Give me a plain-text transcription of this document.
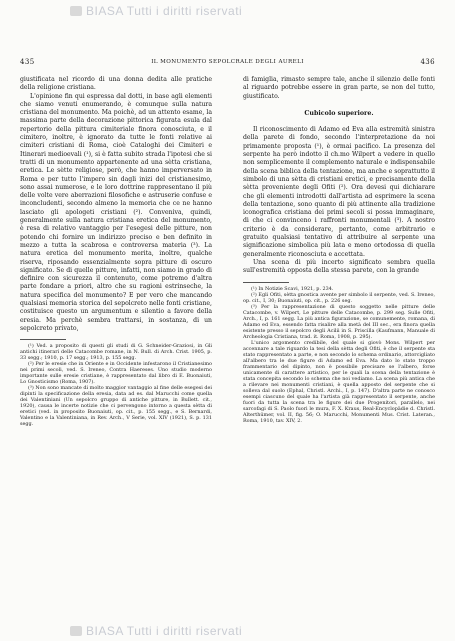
BIASA Tutti i diritti riservati
435	IL MONUMENTO SEPOLCRALE DEGLI AURELI	436

giustificata nel ricordo di una donna dedita alle pratiche della religione cristiana.

L'opinione fin qui espressa dal dotti, in base agli elementi che siamo venuti enumerando, è comunque sulla natura cristiana del monumento. Ma poichè, ad un attento esame, la massima parte della decorazione pittorica figurata esula dal repertorio della pittura cimiteriale finora conosciuta, e il cimitero, inoltre, è ignorato da tutte le fonti relative ai cimiteri cristiani di Roma, cioè Cataloghi dei Cimiteri e Itinerari medioevali (¹), si è fatta subito strada l'ipotesi che si tratti di un monumento appartenente ad una sètta cristiana, eretica. Le sètte religiose, però, che hanno imperversato in Roma e per tutto l'impero sin dagli inizi del cristianesimo, sono assai numerose, e le loro dottrine rappresentano il più delle volte vere aberrazioni filosofiche e astruserie confuse e inconcludenti, secondo almeno la memoria che ce ne hanno lasciato gli apologeti cristiani (²). Conveniva, quindi, generalmente sulla natura cristiana eretica del monumento, è resa di relativo vantaggio per l'esegesi delle pitture, non potendo chi fornire un indirizzo preciso e ben definito in mezzo a tutta la scabrosa e controversa materia (³). La natura eretica del monumento merita, inoltre, qualche riserva, riposando essenzialmente sopra pitture di oscuro significato. Se di quelle pitture, infatti, non siamo in grado di definire con sicurezza il contenuto, come potremo d'altra parte fondare a priori, altro che su ragioni estrinseche, la natura specifica del monumento? E per vero che mancando qualsiasi memoria storica del sepolcreto nelle fonti cristiane, costituisce questo un argumentum e silentio a favore della eresia. Ma perchè sembra trattarsi, in sostanza, di un sepolcreto privato,

(¹) Ved. a proposito di questi gli studi di G. Schneider-Graziosi, in Gli antichi itinerari delle Catacombe romane, in N. Bull. di Arch. Crist. 1905, p. 33 segg.; 1910, p. 17 segg.; 1913, p. 155 segg.

(²) Per le eresie che in Oriente e in Occidente infestarono il Cristianesimo nei primi secoli, ved. S. Ireneo, Contra Haereses. Uno studio moderno importante sulle eresie cristiane, è rappresentato dal libro di E. Buonaiuti, Lo Gnosticismo (Roma, 1907).

(³) Non sono mancate di molto maggior vantaggio al fine delle esegesi dei dipinti la specificazione della eresia, data ad es. dal Marucchi come quella dei Valentiniani (Un sepolcro gruppo di antiche pitture, in Bullett. cit., 1920), causa le incerte notizie che ci pervengono intorno a questa sètta di eretici (ved. in proposito Buonaiuti, op. cit., p. 155 segg., e S. Bernardi, Valentino e la Valentiniana, in Rev. Arch., V Serie, vol. XIV (1921), S. p. 131 segg.

di famiglia, rimasto sempre tale, anche il silenzio delle fonti al riguardo potrebbe essere in gran parte, se non del tutto, giustificato.

Cubicolo superiore.

Il riconoscimento di Adamo ed Eva alla estremità sinistra della parete di fondo, secondo l'interpretazione da noi primamente proposta (¹), è ormai pacifico. La presenza del serpente ha però indotto il ch.mo Wilpert a vedere in quello non semplicemente il complemento naturale e indispensabile della scena biblica della tentazione, ma anche e soprattutto il simbolo di una sètta di cristiani eretici, e precisamente della sètta proveniente degli Ofiti (²). Ora devesi qui dichiarare che gli elementi introdotti dall'artista ad esprimere la scena della tentazione, sono quanto di più attinente alla tradizione iconografica cristiana dei primi secoli si possa immaginare, di che ci convinceno i raffronti monumentali (³). A nostro criterio è da considerare, pertanto, come arbitrario e gratuito qualsiasi tentativo di attribuire al serpente una significazione simbolica più lata e meno ortodossa di quella generalmente riconosciuta e accettata.

Una scena di più incerto significato sembra quella sull'estremità opposta della stessa parete, con la grande

(¹) In Notizie Scavi, 1921, p. 234.

(²) Egli Ofiti, sètta gnostica avente per simbolo il serpente, ved. S. Ireneo, op. cit., I, 30; Buonaiuti, op. cit., p. 226 seg.

(³) Per la rappresentazione di questo soggetto nelle pitture delle Catacombe, v. Wilpert, Le pitture delle Catacombe, p. 299 seg. Sulle Ofiti, Arch., I, p. 161 segg. La più antica figurazione, se comunemente, romana, di Adamo ed Eva, essendo fatta risalire alla metà del III sec., era finora quella esistente presso il sepolcro degli Acilii in S. Priscilla (Kaufmann, Manuale di Archeologia Cristiana, trad. it. Roma, 1908, p. 295).

L'unico argomento credibile, del quale si giovò Mons. Wilpert per accennare a tale riguardo la tesi della sètta degli Ofiti, è che il serpente sta stato rappresentato a parte, e non secondo lo schema ordinario, attorcigliato all'albero tra le due figure di Adamo ed Eva. Ma dato lo stato troppo frammentario del dipinto, non è possibile precisare se l'albero, forse unicamente di carattere artistico, per le quali la scena della tentazione è stata concepita secondo lo schema che noi vediamo. La scena più antica che a rilevare nei monumenti cristiani, è quella apposto del serpente che si solleva dal suolo (Ephal, Christl. Archi., I, p. 147). D'altra parte ne conosco esempi ciascuno del quale ha l'artista già rappresentato il serpente, anche fuori da tutta la scena tra le figure dei due Progenitori, parallelo, nei sarcofagi di S. Paolo fuori le mura, F. X. Kraus, Real-Encyclopädie d. Christl. Alterthümer, vol. II, fig. 56; O. Marucchi, Monumenti Mus. Crist. Lateran., Roma, 1910, tav. XIV, 2.

BIASA Tutti i diritti riservati
